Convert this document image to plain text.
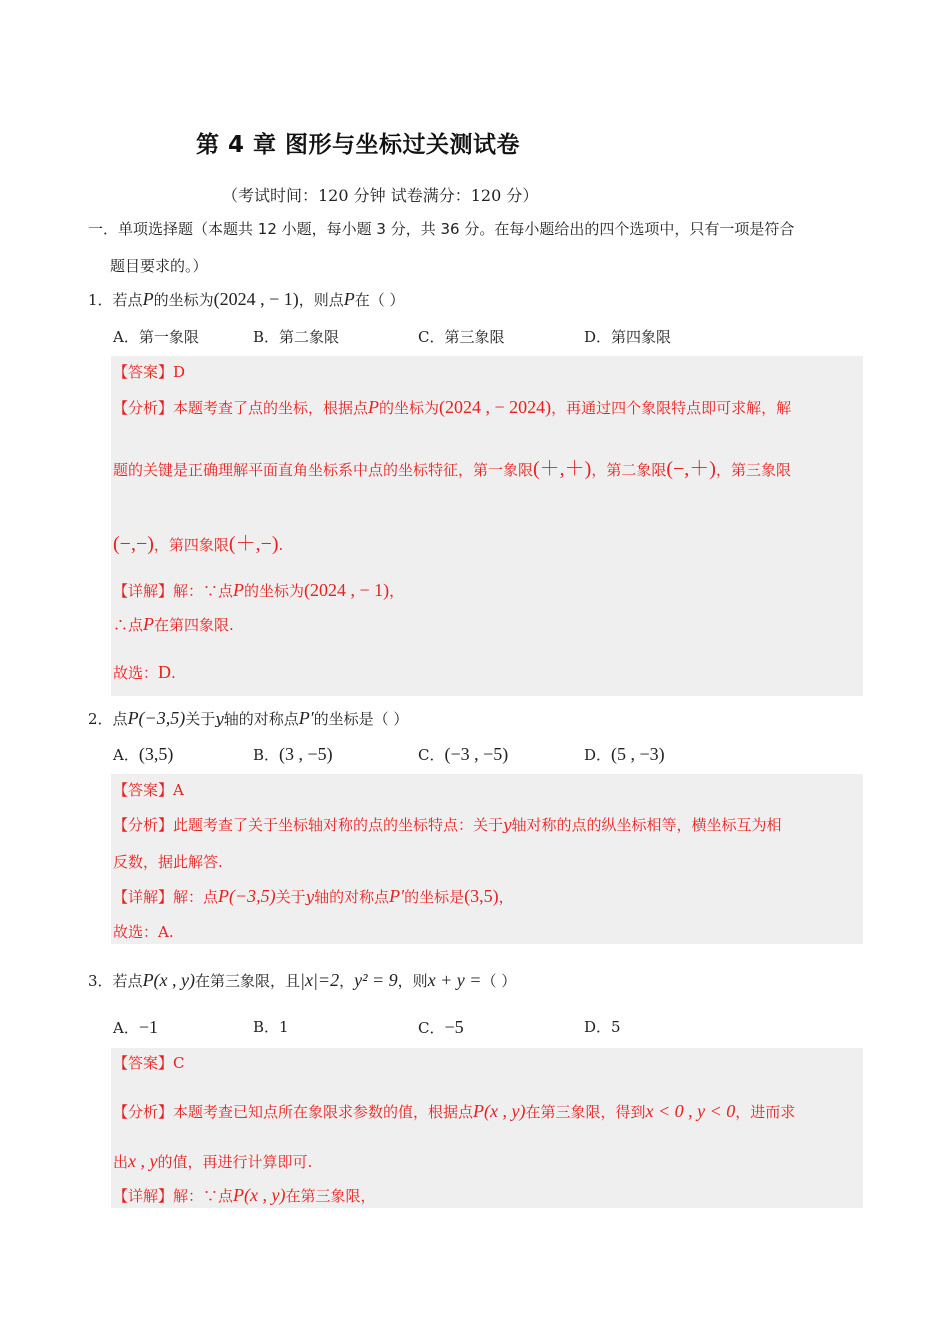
第 4 章 图形与坐标过关测试卷
（考试时间：120 分钟 试卷满分：120 分）
一．单项选择题（本题共 12 小题，每小题 3 分，共 36 分。在每小题给出的四个选项中，只有一项是符合
题目要求的。）
1．若点P的坐标为(2024 , − 1)，则点P在（ ）
A．第一象限	B．第二象限	C．第三象限	D．第四象限
【答案】D
【分析】本题考查了点的坐标，根据点P的坐标为(2024 , − 2024)，再通过四个象限特点即可求解，解
题的关键是正确理解平面直角坐标系中点的坐标特征，第一象限(＋,＋)，第二象限(−,＋)，第三象限
(−,−)，第四象限(＋,−).
【详解】解：∵点P的坐标为(2024 , − 1)，
∴点P在第四象限.
故选：D.
2．点P(−3,5)关于y轴的对称点P′的坐标是（ ）
A．(3,5)	B．(3 , −5)	C．(−3 , −5)	D．(5 , −3)
【答案】A
【分析】此题考查了关于坐标轴对称的点的坐标特点：关于y轴对称的点的纵坐标相等，横坐标互为相
反数，据此解答.
【详解】解：点P(−3,5)关于y轴的对称点P′的坐标是(3,5)，
故选：A.
3．若点P(x , y)在第三象限，且|x|=2，y² = 9，则x + y =（ ）
A．−1	B．1	C．−5	D．5
【答案】C
【分析】本题考查已知点所在象限求参数的值，根据点P(x , y)在第三象限，得到x < 0 , y < 0，进而求
出x , y的值，再进行计算即可.
【详解】解：∵点P(x , y)在第三象限，
